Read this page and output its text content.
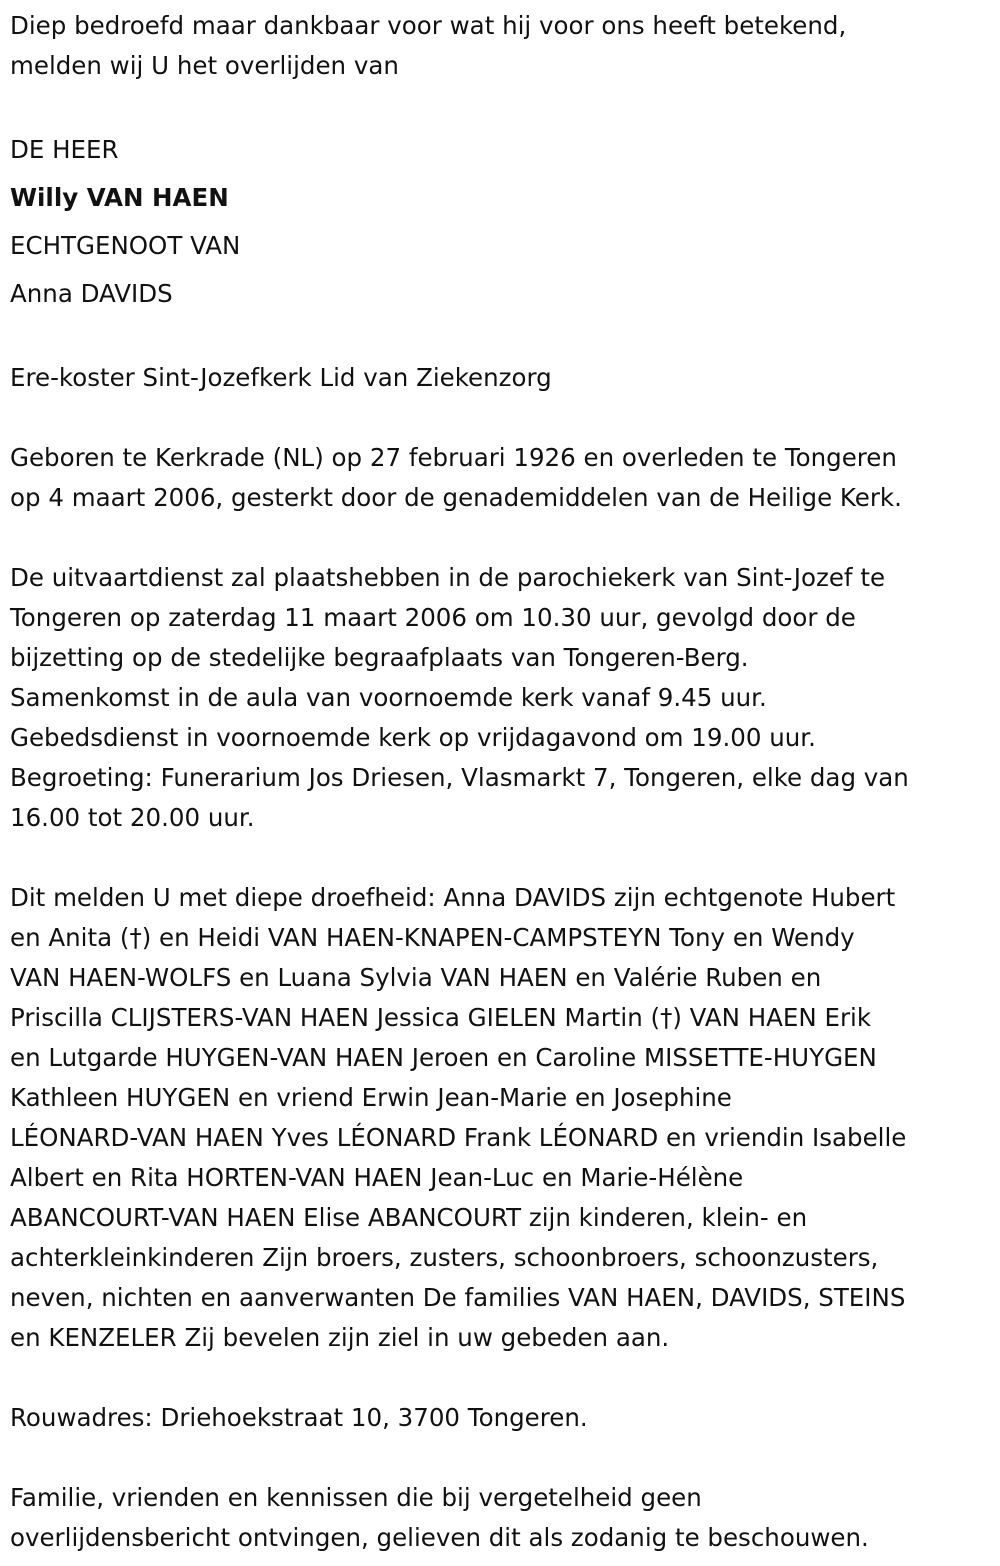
Diep bedroefd maar dankbaar voor wat hij voor ons heeft betekend,
melden wij U het overlijden van
DE HEER
Willy VAN HAEN
ECHTGENOOT VAN
Anna DAVIDS
Ere-koster Sint-Jozefkerk Lid van Ziekenzorg
Geboren te Kerkrade (NL) op 27 februari 1926 en overleden te Tongeren
op 4 maart 2006, gesterkt door de genademiddelen van de Heilige Kerk.
De uitvaartdienst zal plaatshebben in de parochiekerk van Sint-Jozef te
Tongeren op zaterdag 11 maart 2006 om 10.30 uur, gevolgd door de
bijzetting op de stedelijke begraafplaats van Tongeren-Berg.
Samenkomst in de aula van voornoemde kerk vanaf 9.45 uur.
Gebedsdienst in voornoemde kerk op vrijdagavond om 19.00 uur.
Begroeting: Funerarium Jos Driesen, Vlasmarkt 7, Tongeren, elke dag van
16.00 tot 20.00 uur.
Dit melden U met diepe droefheid: Anna DAVIDS zijn echtgenote Hubert
en Anita (†) en Heidi VAN HAEN-KNAPEN-CAMPSTEYN Tony en Wendy
VAN HAEN-WOLFS en Luana Sylvia VAN HAEN en Valérie Ruben en
Priscilla CLIJSTERS-VAN HAEN Jessica GIELEN Martin (†) VAN HAEN Erik
en Lutgarde HUYGEN-VAN HAEN Jeroen en Caroline MISSETTE-HUYGEN
Kathleen HUYGEN en vriend Erwin Jean-Marie en Josephine
LÉONARD-VAN HAEN Yves LÉONARD Frank LÉONARD en vriendin Isabelle
Albert en Rita HORTEN-VAN HAEN Jean-Luc en Marie-Hélène
ABANCOURT-VAN HAEN Elise ABANCOURT zijn kinderen, klein- en
achterkleinkinderen Zijn broers, zusters, schoonbroers, schoonzusters,
neven, nichten en aanverwanten De families VAN HAEN, DAVIDS, STEINS
en KENZELER Zij bevelen zijn ziel in uw gebeden aan.
Rouwadres: Driehoekstraat 10, 3700 Tongeren.
Familie, vrienden en kennissen die bij vergetelheid geen
overlijdensbericht ontvingen, gelieven dit als zodanig te beschouwen.
